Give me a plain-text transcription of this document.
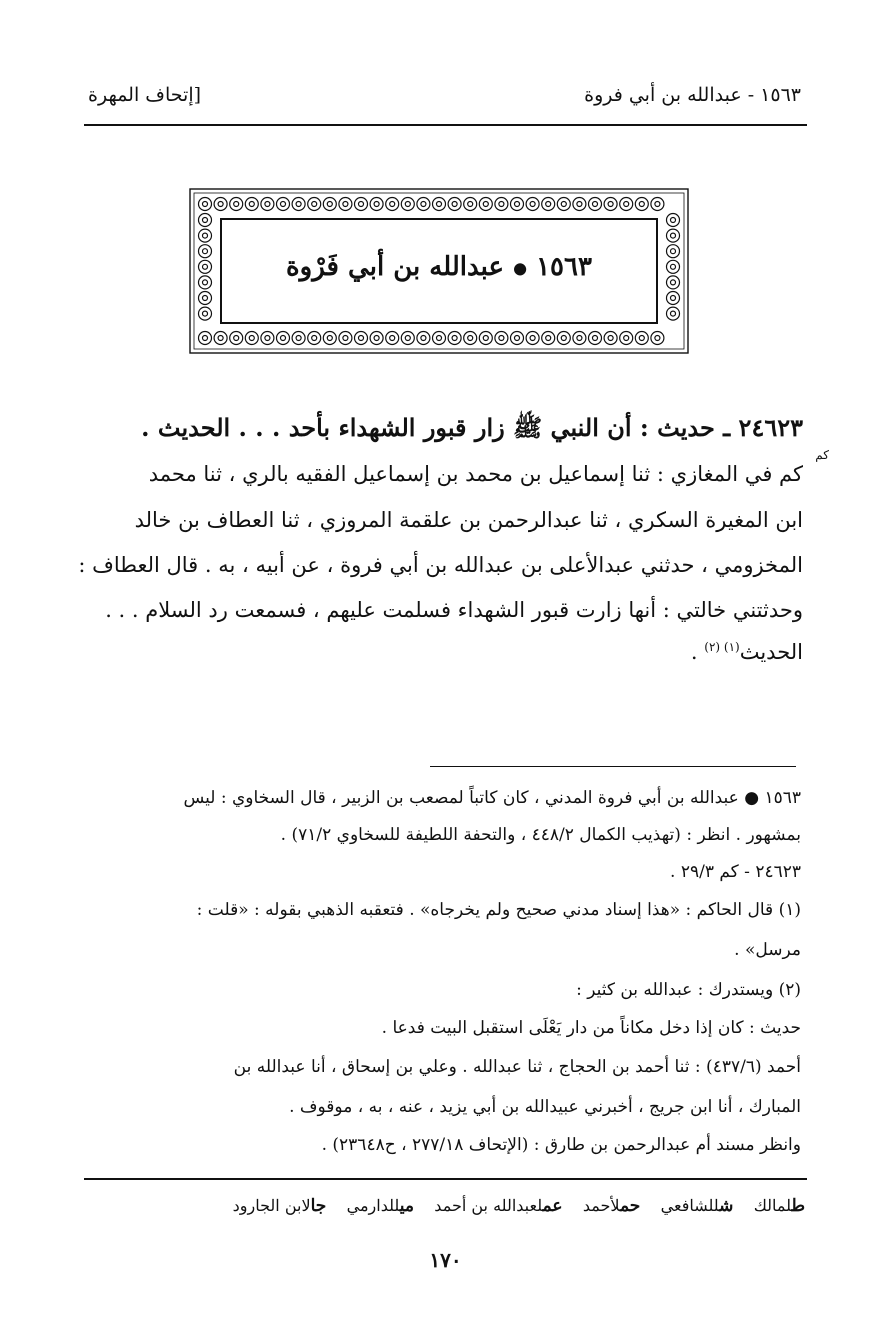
١٥٦٣ - عبدالله بن أبي فروة
[إتحاف المهرة
١٥٦٣ ● عبدالله بن أبي فَرْوة
٢٤٦٢٣ ـ حديث : أن النبي ﷺ زار قبور الشهداء بأحد . . . الحديث .
كم
كم في المغازي : ثنا إسماعيل بن محمد بن إسماعيل الفقيه بالري ، ثنا محمد
ابن المغيرة السكري ، ثنا عبدالرحمن بن علقمة المروزي ، ثنا العطاف بن خالد
المخزومي ، حدثني عبدالأعلى بن عبدالله بن أبي فروة ، عن أبيه ، به . قال العطاف :
وحدثتني خالتي : أنها زارت قبور الشهداء فسلمت عليهم ، فسمعت رد السلام . . .
الحديث$^{(١) (٢)}$ .
١٥٦٣ ● عبدالله بن أبي فروة المدني ، كان كاتباً لمصعب بن الزبير ، قال السخاوي : ليس
بمشهور . انظر : (تهذيب الكمال ٤٤٨/٢ ، والتحفة اللطيفة للسخاوي ٧١/٢) .
٢٤٦٢٣ - كم ٢٩/٣ .
(١) قال الحاكم : «هذا إسناد مدني صحيح ولم يخرجاه» . فتعقبه الذهبي بقوله : «قلت :
مرسل» .
(٢) ويستدرك : عبدالله بن كثير :
حديث : كان إذا دخل مكاناً من دار يَعْلَى استقبل البيت فدعا .
أحمد (٤٣٧/٦) : ثنا أحمد بن الحجاج ، ثنا عبدالله . وعلي بن إسحاق ، أنا عبدالله بن
المبارك ، أنا ابن جريج ، أخبرني عبيدالله بن أبي يزيد ، عنه ، به ، موقوف .
وانظر مسند أم عبدالرحمن بن طارق : (الإتحاف ٢٧٧/١٨ ، ح٢٣٦٤٨) .
طلمالك    شللشافعي    حملأحمد    عملعبدالله بن أحمد    ميللدارمي    جالابن الجارود
١٧٠
